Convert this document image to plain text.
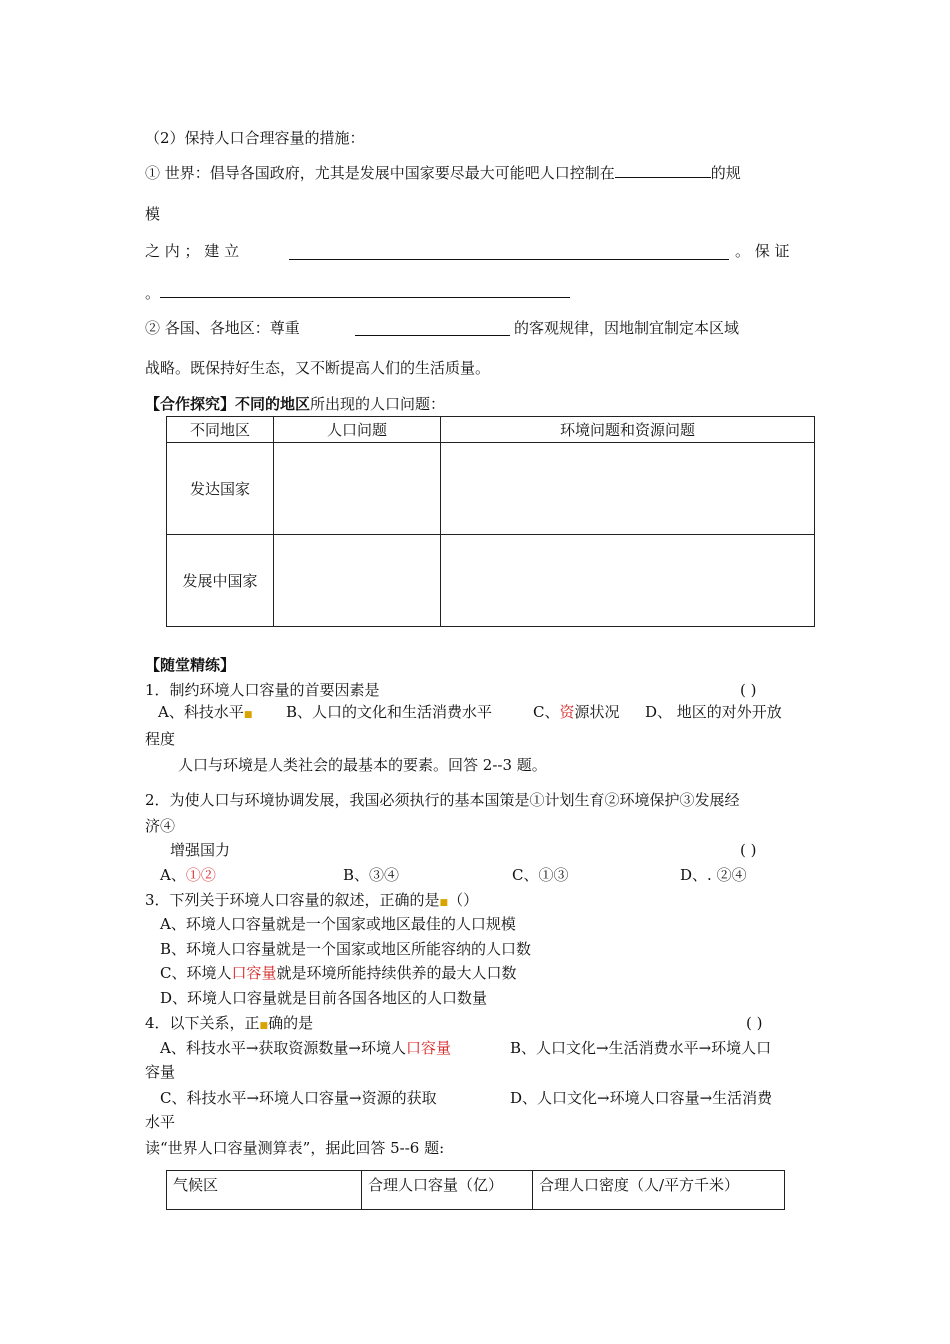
（2）保持人口合理容量的措施：
① 世界：倡导各国政府，尤其是发展中国家要尽最大可能吧人口控制在	的规
模
之 内 ； 建 立	。 保 证
。
② 各国、各地区：尊重	的客观规律，因地制宜制定本区域
战略。既保持好生态，又不断提高人们的生活质量。
【合作探究】不同的地区所出现的人口问题：
不同地区	人口问题	环境问题和资源问题
发达国家		
发展中国家		
【随堂精练】
1．制约环境人口容量的首要因素是	( )
A、科技水平■ B、人口的文化和生活消费水平	C、资源状况 D、 地区的对外开放
程度
人口与环境是人类社会的最基本的要素。回答 2--3 题。
2．为使人口与环境协调发展，我国必须执行的基本国策是①计划生育②环境保护③发展经
济④
增强国力	( )
A、①②	B、③④	C、①③	D、. ②④
3．下列关于环境人口容量的叙述，正确的是■（）
A、环境人口容量就是一个国家或地区最佳的人口规模
B、环境人口容量就是一个国家或地区所能容纳的人口数
C、环境人口容量就是环境所能持续供养的最大人口数
D、环境人口容量就是目前各国各地区的人口数量
4．以下关系，正■确的是	( )
A、科技水平→获取资源数量→环境人口容量	B、人口文化→生活消费水平→环境人口
容量
C、科技水平→环境人口容量→资源的获取	D、人口文化→环境人口容量→生活消费
水平
读“世界人口容量测算表”，据此回答 5--6 题:
气候区	合理人口容量（亿）	合理人口密度（人/平方千米）
